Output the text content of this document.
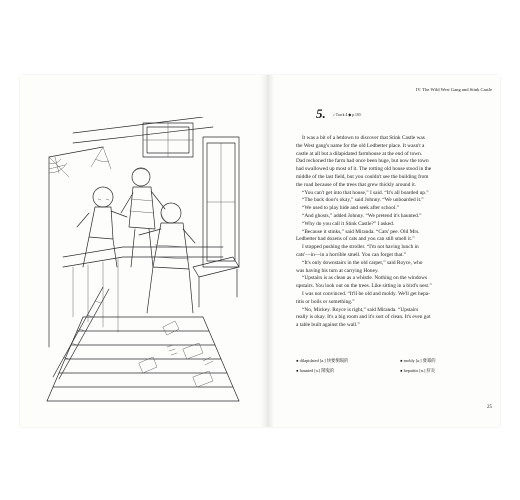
IV. The Wild West Gang and Stink Castle
5. ♪ Track 4 ◆ p.103

It was a bit of a letdown to discover that Stink Castle was

the West gang's name for the old Ledbetter place. It wasn't a

castle at all but a dilapidated farmhouse at the end of town.

Dad reckoned the farm had once been huge, but now the town

had swallowed up most of it. The rotting old house stood in the

middle of the last field, but you couldn't see the building from

the road because of the trees that grew thickly around it.

“You can't get into that house,” I said. “It's all boarded up.”

“The back door's okay,” said Johnny. “We unboarded it.”

“We used to play hide and seek after school.”

“And ghosts,” added Johnny. “We pretend it's haunted.”

“Why do you call it Stink Castle?” I asked.

“Because it stinks,” said Miranda. “Cats' pee. Old Mrs.

Ledbetter had dozens of cats and you can still smell it.”

I stopped pushing the stroller. “I'm not having lunch in

cats'—in—in a horrible smell. You can forget that.”

“It's only downstairs in the old carpet,” said Royce, who

was having his turn at carrying Honey.

“Upstairs is as clean as a whistle. Nothing on the windows

upstairs. You look out on the trees. Like sitting in a bird's nest.”

I was not convinced. “It'll be old and moldy. We'll get hepa-

titis or boils or something.”

“No, Mickey. Royce is right,” said Miranda. “Upstairs

really is okay. It's a big room and it's sort of clean. It's even got

a table built against the wall.”

● dilapidated [a.] 快要倒塌的
● haunted [a.] 鬧鬼的
● moldy [a.] 發霉的
● hepatitis [n.] 肝炎
25
